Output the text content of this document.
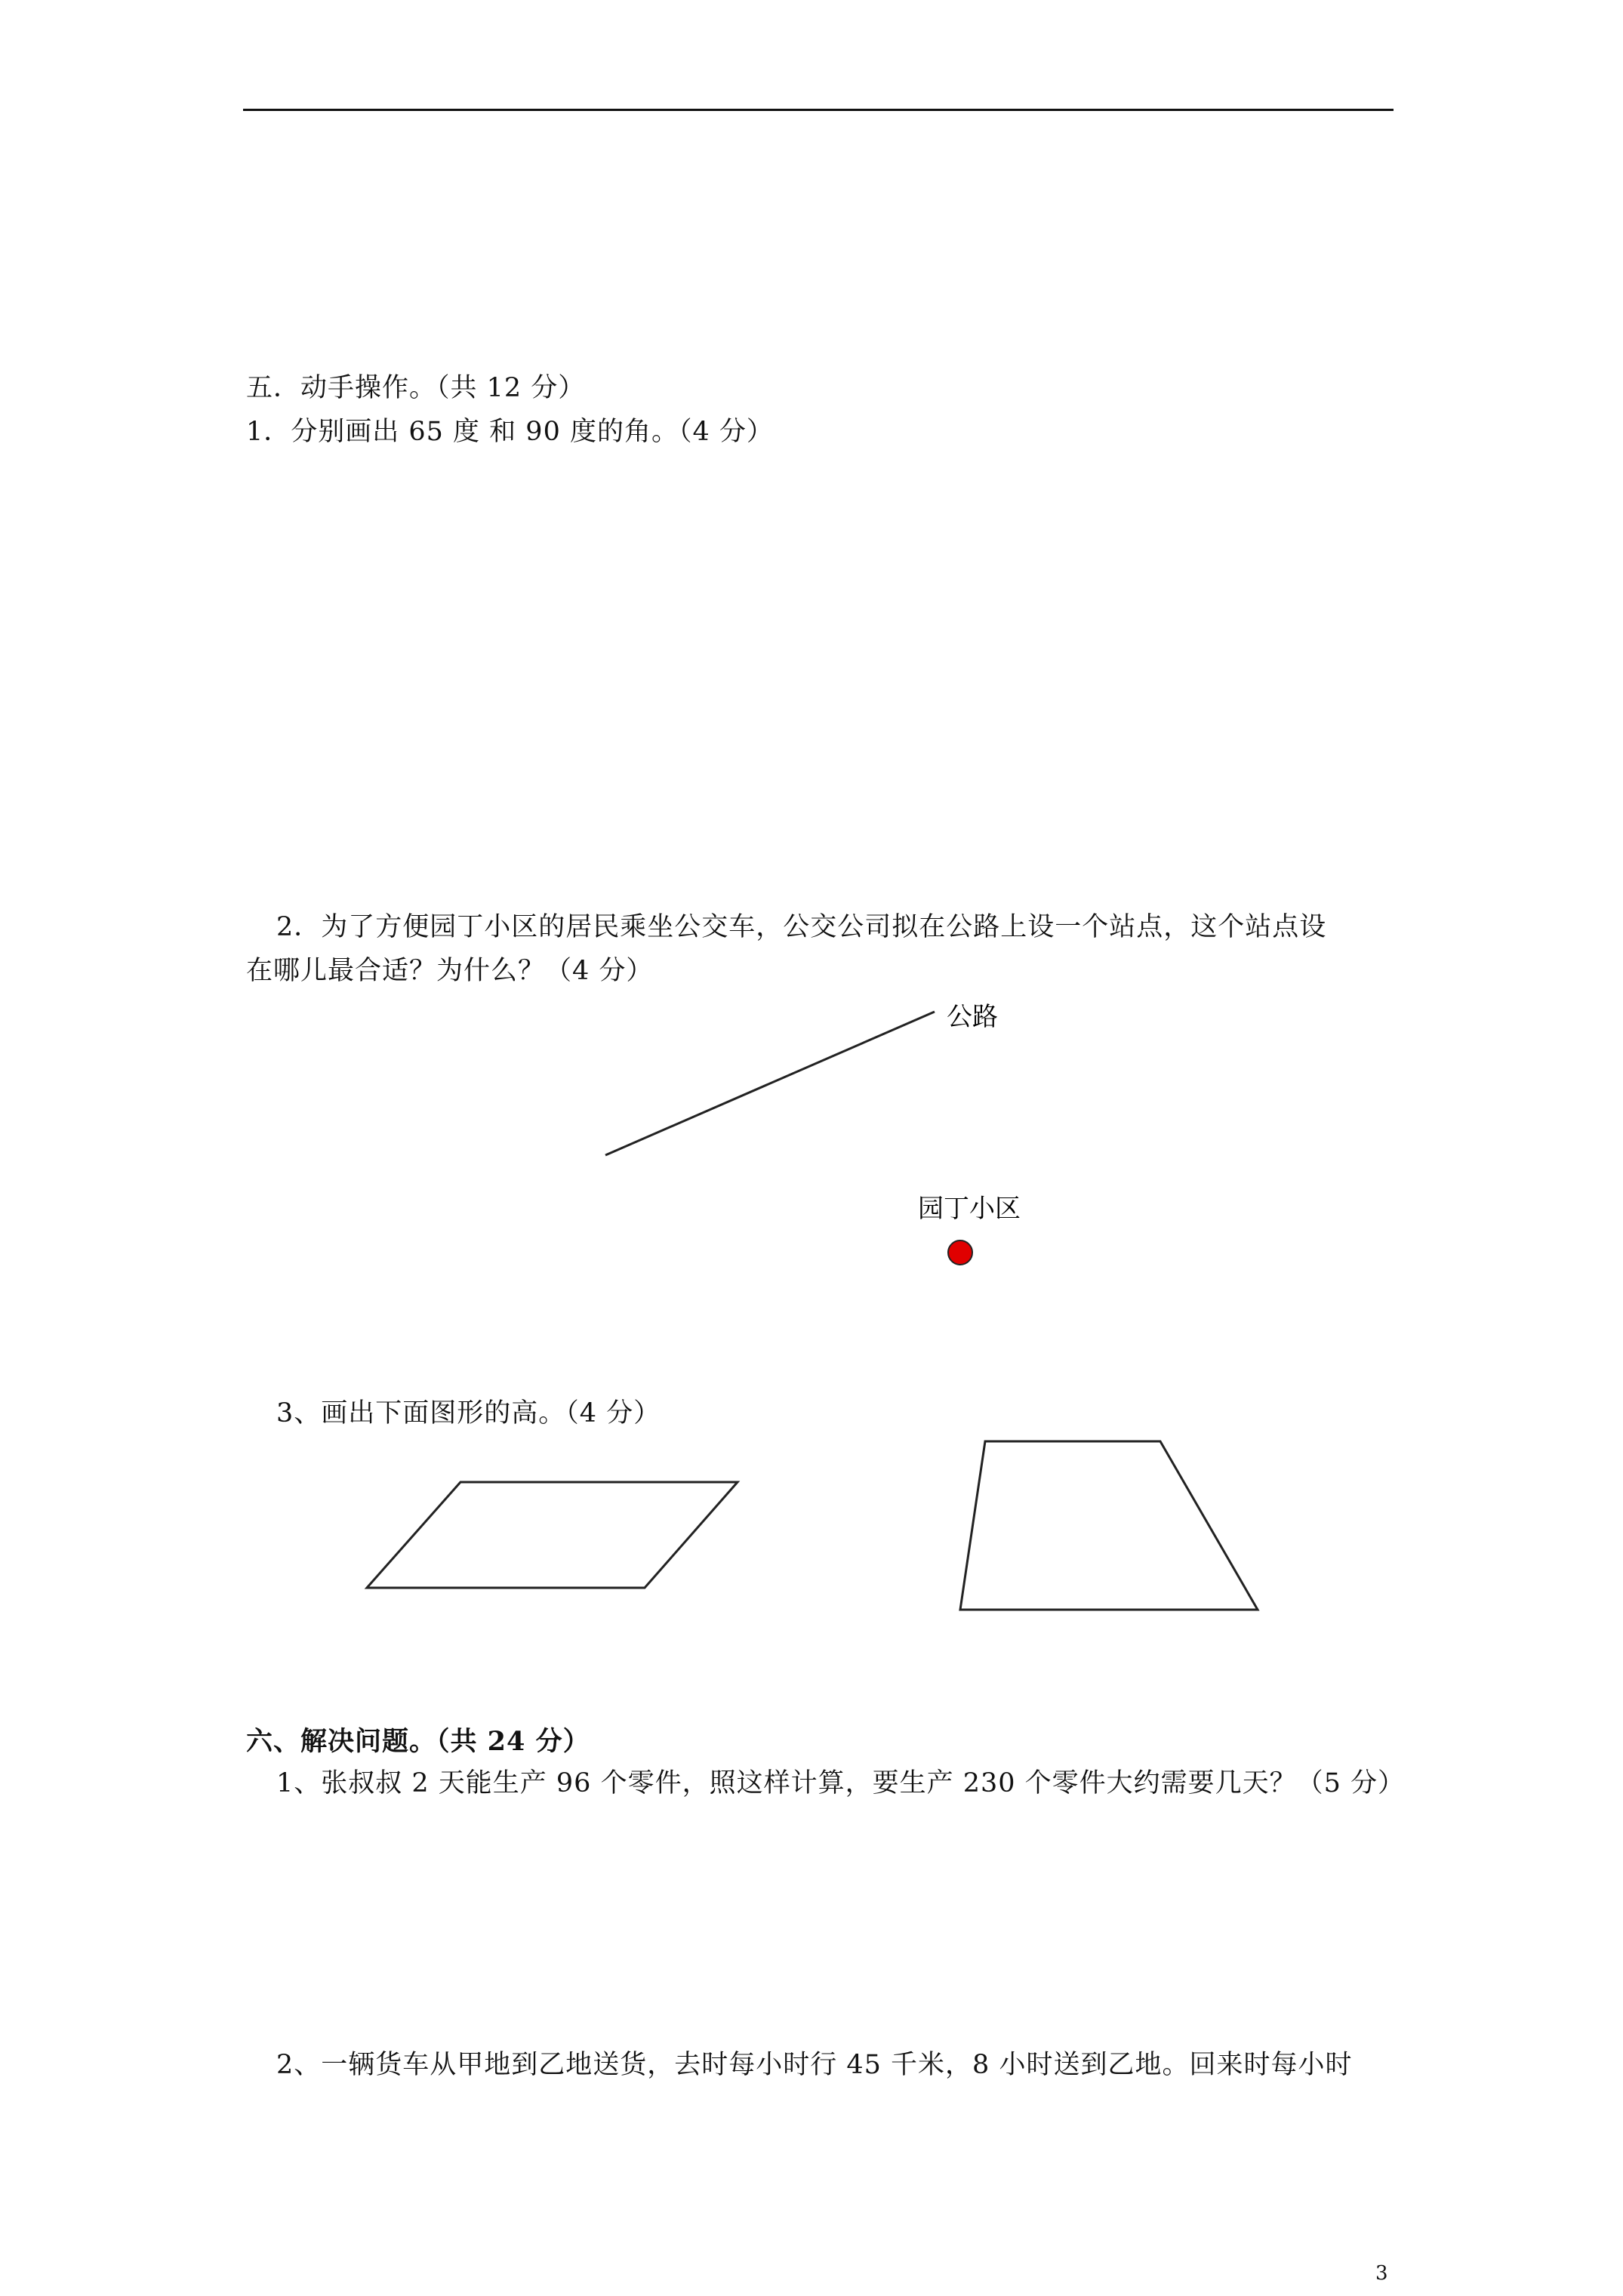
五．动手操作。（共 12 分）
1．分别画出 65 度 和 90 度的角。（4 分）
2．为了方便园丁小区的居民乘坐公交车，公交公司拟在公路上设一个站点，这个站点设
在哪儿最合适？为什么？（4 分）
公路
园丁小区
3、画出下面图形的高。（4 分）
六、解决问题。（共 24 分）
1、张叔叔 2 天能生产 96 个零件，照这样计算，要生产 230 个零件大约需要几天？（5 分）
2、一辆货车从甲地到乙地送货，去时每小时行 45 千米，8 小时送到乙地。回来时每小时
3
